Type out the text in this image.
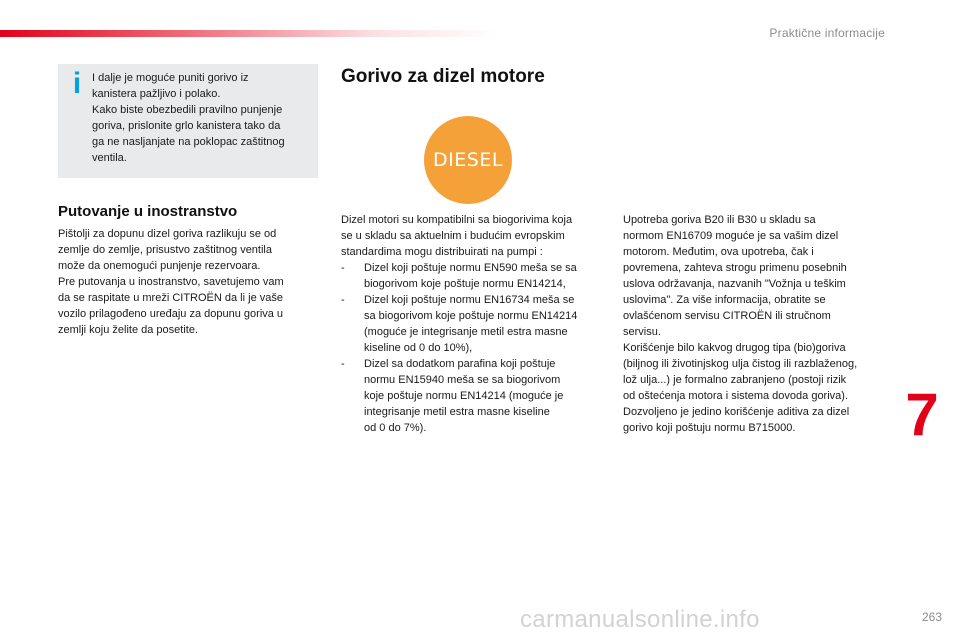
Praktične informacije
i I dalje je moguće puniti gorivo iz
kanistera pažljivo i polako.
Kako biste obezbedili pravilno punjenje
goriva, prislonite grlo kanistera tako da
ga ne nasljanjate na poklopac zaštitnog
ventila.

Putovanje u inostranstvo

Pištolji za dopunu dizel goriva razlikuju se od
zemlje do zemlje, prisustvo zaštitnog ventila
može da onemogući punjenje rezervoara.
Pre putovanja u inostranstvo, savetujemo vam
da se raspitate u mreži CITROËN da li je vaše
vozilo prilagođeno uređaju za dopunu goriva u
zemlji koju želite da posetite.

Gorivo za dizel motore
DIESEL

Dizel motori su kompatibilni sa biogorivima koja
se u skladu sa aktuelnim i budućim evropskim
standardima mogu distribuirati na pumpi :

- Dizel koji poštuje normu EN590 meša se sa
biogorivom koje poštuje normu EN14214,
- Dizel koji poštuje normu EN16734 meša se
sa biogorivom koje poštuje normu EN14214
(moguće je integrisanje metil estra masne
kiseline od 0 do 10%),
- Dizel sa dodatkom parafina koji poštuje
normu EN15940 meša se sa biogorivom
koje poštuje normu EN14214 (moguće je
integrisanje metil estra masne kiseline
od 0 do 7%).

Upotreba goriva B20 ili B30 u skladu sa
normom EN16709 moguće je sa vašim dizel
motorom. Međutim, ova upotreba, čak i
povremena, zahteva strogu primenu posebnih
uslova održavanja, nazvanih "Vožnja u teškim
uslovima". Za više informacija, obratite se
ovlašćenom servisu CITROËN ili stručnom
servisu.
Korišćenje bilo kakvog drugog tipa (bio)goriva
(biljnog ili životinjskog ulja čistog ili razblaženog,
lož ulja...) je formalno zabranjeno (postoji rizik
od oštećenja motora i sistema dovoda goriva).
Dozvoljeno je jedino korišćenje aditiva za dizel
gorivo koji poštuju normu B715000.	7
263
carmanualsonline.info
